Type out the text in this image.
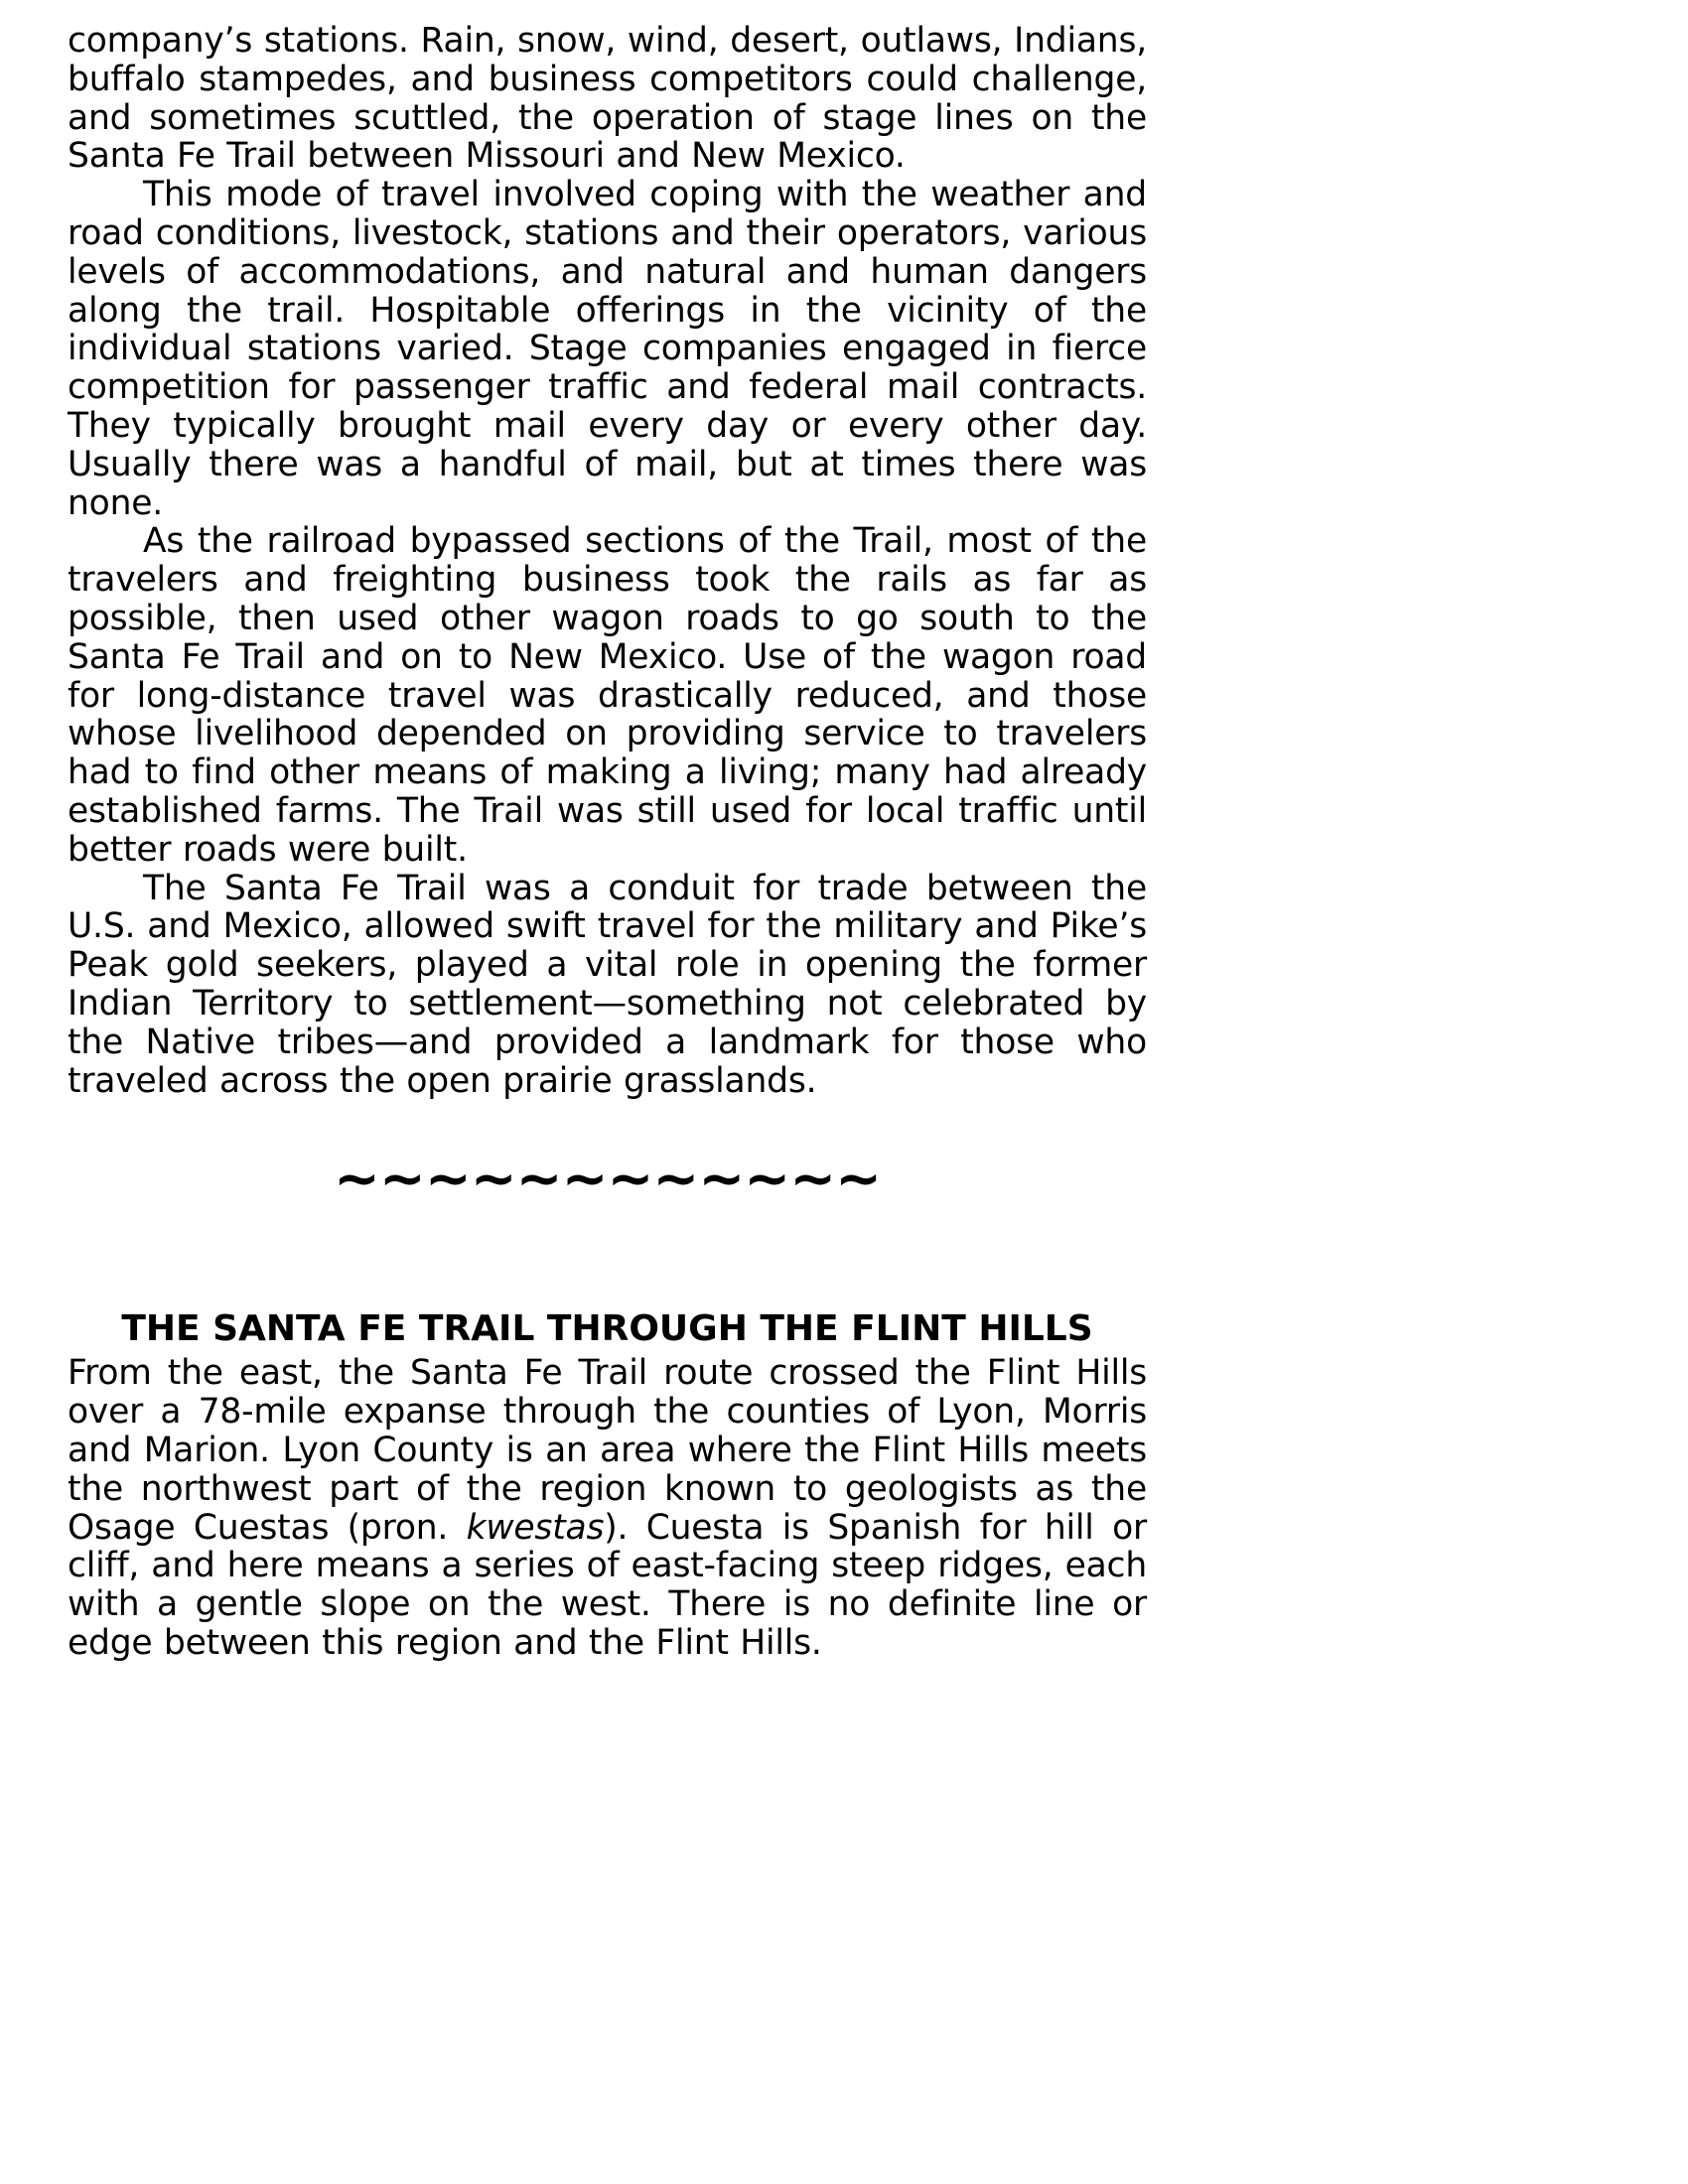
company’s stations. Rain, snow, wind, desert, outlaws, Indians, buffalo stampedes, and business competitors could challenge, and sometimes scuttled, the operation of stage lines on the Santa Fe Trail between Missouri and New Mexico.

This mode of travel involved coping with the weather and road conditions, livestock, stations and their operators, various levels of accommodations, and natural and human dangers along the trail. Hospitable offerings in the vicinity of the individual stations varied. Stage companies engaged in fierce competition for passenger traffic and federal mail contracts. They typically brought mail every day or every other day. Usually there was a handful of mail, but at times there was none.

As the railroad bypassed sections of the Trail, most of the travelers and freighting business took the rails as far as possible, then used other wagon roads to go south to the Santa Fe Trail and on to New Mexico. Use of the wagon road for long-distance travel was drastically reduced, and those whose livelihood depended on providing service to travelers had to find other means of making a living; many had already established farms. The Trail was still used for local traffic until better roads were built.

The Santa Fe Trail was a conduit for trade between the U.S. and Mexico, allowed swift travel for the military and Pike’s Peak gold seekers, played a vital role in opening the former Indian Territory to settlement—something not celebrated by the Native tribes—and provided a landmark for those who traveled across the open prairie grasslands.

~~~~~~~~~~~~

THE SANTA FE TRAIL THROUGH THE FLINT HILLS

From the east, the Santa Fe Trail route crossed the Flint Hills over a 78-mile expanse through the counties of Lyon, Morris and Marion. Lyon County is an area where the Flint Hills meets the northwest part of the region known to geologists as the Osage Cuestas (pron. kwestas). Cuesta is Spanish for hill or cliff, and here means a series of east-facing steep ridges, each with a gentle slope on the west. There is no definite line or edge between this region and the Flint Hills.
